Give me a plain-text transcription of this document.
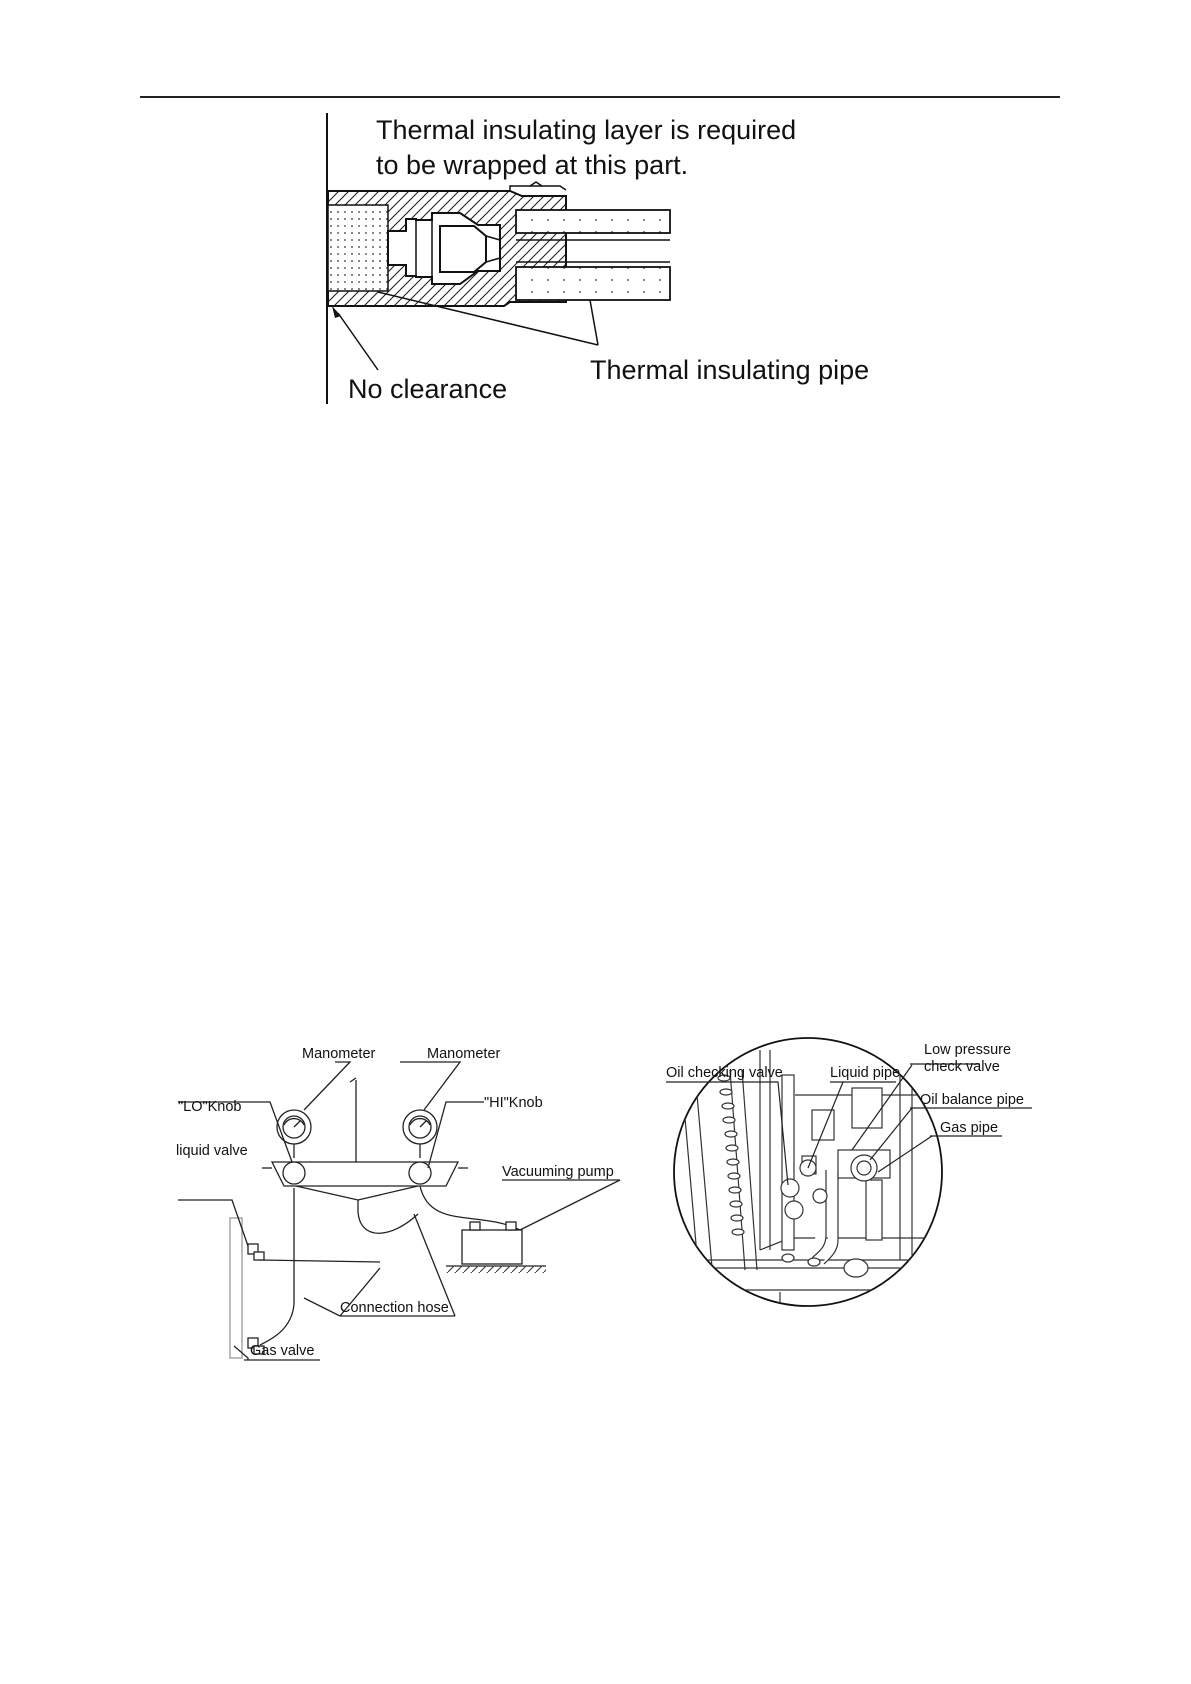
Thermal insulating layer is required
to be wrapped at this part.
No clearance
Thermal insulating pipe
Manometer	Manometer
"LO"Knob	"HI"Knob
liquid valve
Vacuuming pump
Connection hose
Gas valve
Low pressure
check valve
Oil checking valve	Liquid pipe
Oil balance pipe
Gas pipe
